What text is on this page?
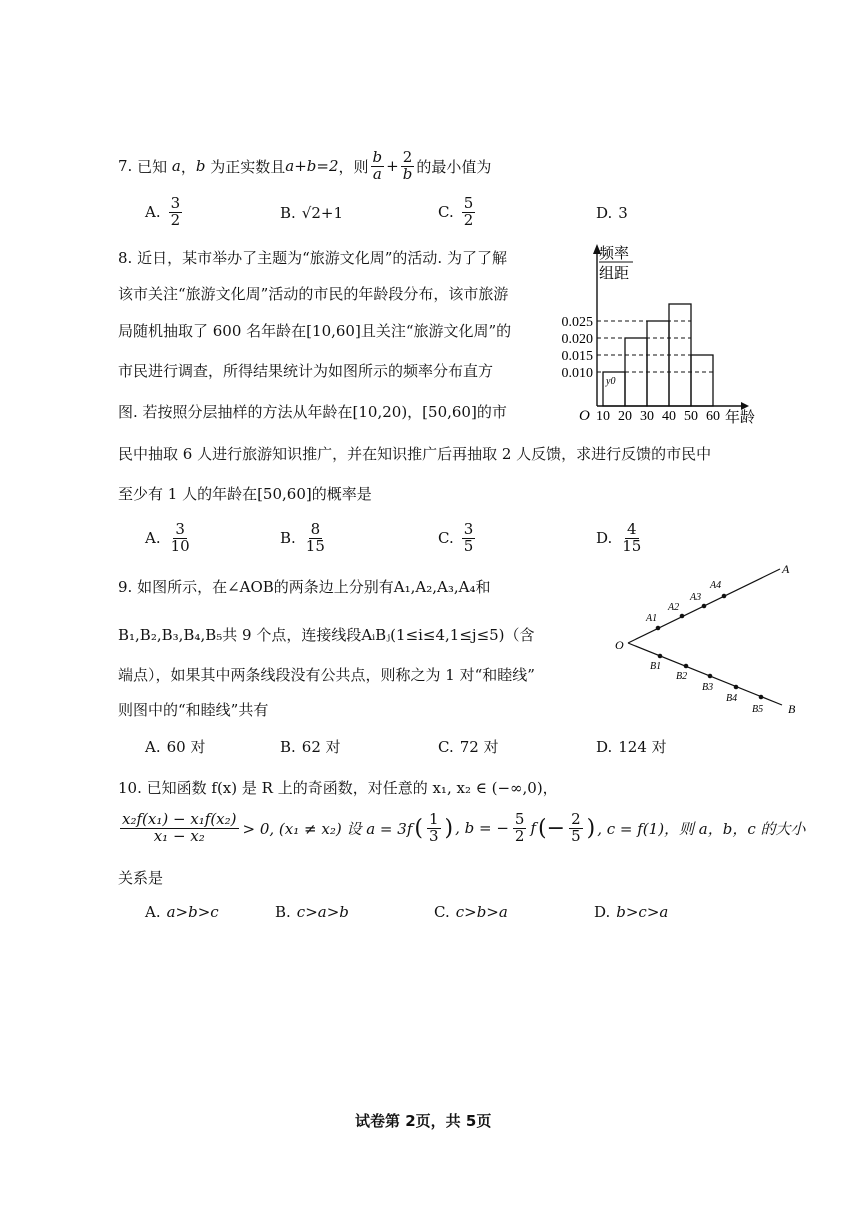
7.
已知
a ， b
为正实数且 a+b=2 ，则 $\frac{b}{a} + \frac{2}{b}$ 的最小值为
A. $\frac{3}{2}$	B. √2+1	C. $\frac{5}{2}$	D. 3
8. 近日，某市举办了主题为“旅游文化周”的活动. 为了了解
该市关注“旅游文化周”活动的市民的年龄段分布，该市旅游
局随机抽取了 600 名年龄在[10,60]且关注“旅游文化周”的
市民进行调查，所得结果统计为如图所示的频率分布直方
图. 若按照分层抽样的方法从年龄在[10,20)，[50,60]的市
民中抽取 6 人进行旅游知识推广，并在知识推广后再抽取 2 人反馈，求进行反馈的市民中
至少有 1 人的年龄在[50,60]的概率是
A. $\frac{3}{10}$	B. $\frac{8}{15}$	C. $\frac{3}{5}$	D. $\frac{4}{15}$
频率
组距
0.025
0.020
0.015
0.010
10 20 30 40 50 60
O	年龄
y0
9. 如图所示，在∠AOB的两条边上分别有A₁,A₂,A₃,A₄和
B₁,B₂,B₃,B₄,B₅共 9 个点，连接线段AᵢBⱼ(1≤i≤4,1≤j≤5)（含
端点），如果其中两条线段没有公共点，则称之为 1 对“和睦线”
则图中的“和睦线”共有
O
A
B
A1
A2
A3
A4
B1
B2
B3
B4
B5
A. 60 对	B. 62 对	C. 72 对	D. 124 对
10. 已知函数 f(x) 是 R 上的奇函数，对任意的 x₁, x₂ ∈ (−∞,0)，
$\frac{\text{x₂f(x₁) − x₁f(x₂)}}{\text{x₁ − x₂}} > 0$, (x₁ ≠ x₂) 设 a = 3f ( $\frac{1}{3}$ ) , b = − $\frac{5}{2}$ f (− $\frac{2}{5}$ ) , c = f(1)，则 a，b，c 的大小
关系是
A. a>b>c	B. c>a>b	C. c>b>a	D. b>c>a
试卷第 2页，共 5页
